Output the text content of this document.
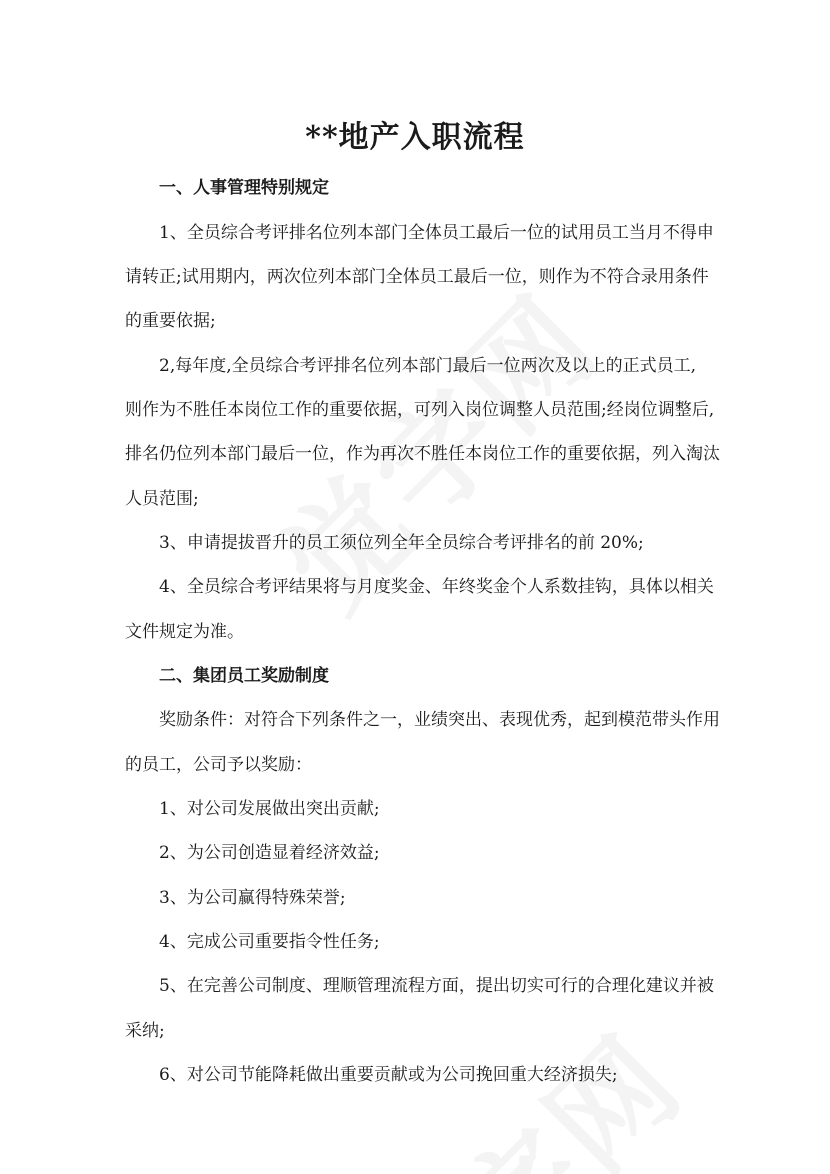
**地产入职流程

一、人事管理特别规定

1、全员综合考评排名位列本部门全体员工最后一位的试用员工当月不得申

请转正;试用期内，两次位列本部门全体员工最后一位，则作为不符合录用条件

的重要依据;

2,每年度,全员综合考评排名位列本部门最后一位两次及以上的正式员工,

则作为不胜任本岗位工作的重要依据，可列入岗位调整人员范围;经岗位调整后,

排名仍位列本部门最后一位，作为再次不胜任本岗位工作的重要依据，列入淘汰

人员范围;

3、申请提拔晋升的员工须位列全年全员综合考评排名的前 20%;

4、全员综合考评结果将与月度奖金、年终奖金个人系数挂钩，具体以相关

文件规定为准。

二、集团员工奖励制度

奖励条件：对符合下列条件之一，业绩突出、表现优秀，起到模范带头作用

的员工，公司予以奖励：

1、对公司发展做出突出贡献;

2、为公司创造显着经济效益;

3、为公司赢得特殊荣誉;

4、完成公司重要指令性任务;

5、在完善公司制度、理顺管理流程方面，提出切实可行的合理化建议并被

采纳;

6、对公司节能降耗做出重要贡献或为公司挽回重大经济损失;
